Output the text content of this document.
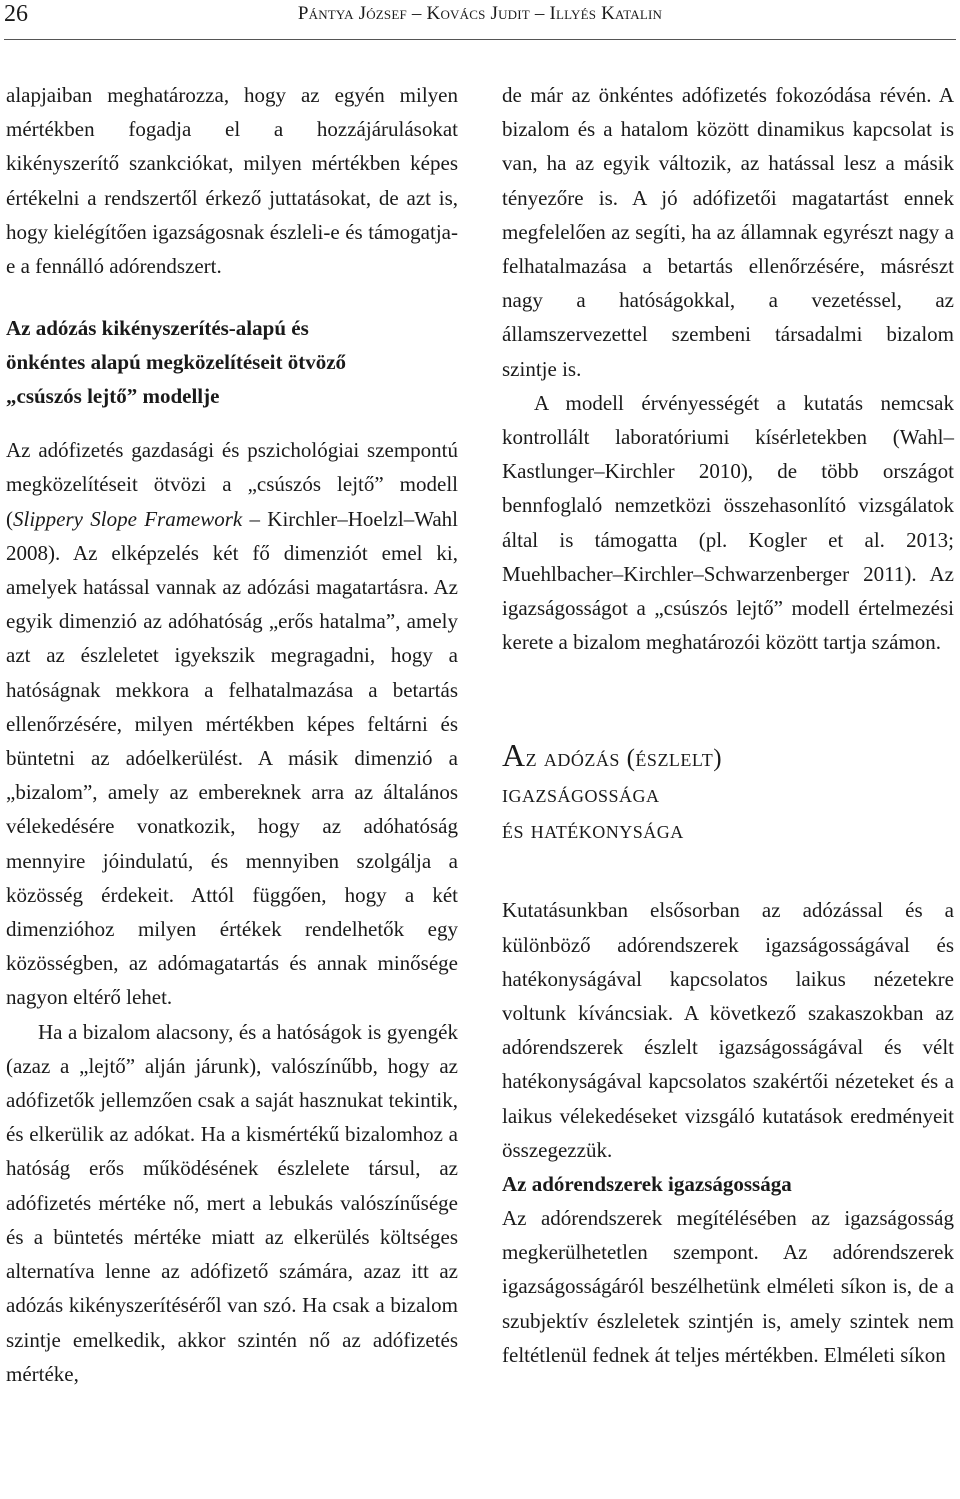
26	Pántya József – Kovács Judit – Illyés Katalin

alapjaiban meghatározza, hogy az egyén milyen mértékben fogadja el a hozzájárulásokat kikényszerítő szankciókat, milyen mértékben képes értékelni a rendszertől érkező juttatásokat, de azt is, hogy kielégítően igazságosnak észleli-e és támogatja-e a fennálló adórendszert.

Az adózás kikényszerítés-alapú és

önkéntes alapú megközelítéseit ötvöző

„csúszós lejtő” modellje

Az adófizetés gazdasági és pszichológiai szempontú megközelítéseit ötvözi a „csúszós lejtő” modell (Slippery Slope Framework – Kirchler–Hoelzl–Wahl 2008). Az elképzelés két fő dimenziót emel ki, amelyek hatással vannak az adózási magatartásra. Az egyik dimenzió az adóhatóság „erős hatalma”, amely azt az észleletet igyekszik megragadni, hogy a hatóságnak mekkora a felhatalmazása a betartás ellenőrzésére, milyen mértékben képes feltárni és büntetni az adóelkerülést. A másik dimenzió a „bizalom”, amely az embereknek arra az általános vélekedésére vonatkozik, hogy az adóhatóság mennyire jóindulatú, és mennyiben szolgálja a közösség érdekeit. Attól függően, hogy a két dimenzióhoz milyen értékek rendelhetők egy közösségben, az adómagatartás és annak minősége nagyon eltérő lehet.

Ha a bizalom alacsony, és a hatóságok is gyengék (azaz a „lejtő” alján járunk), valószínűbb, hogy az adófizetők jellemzően csak a saját hasznukat tekintik, és elkerülik az adókat. Ha a kismértékű bizalomhoz a hatóság erős működésének észlelete társul, az adófizetés mértéke nő, mert a lebukás valószínűsége és a büntetés mértéke miatt az elkerülés költséges alternatíva lenne az adófizető számára, azaz itt az adózás kikényszerítéséről van szó. Ha csak a bizalom szintje emelkedik, akkor szintén nő az adófizetés mértéke,

de már az önkéntes adófizetés fokozódása révén. A bizalom és a hatalom között dinamikus kapcsolat is van, ha az egyik változik, az hatással lesz a másik tényezőre is. A jó adófizetői magatartást ennek megfelelően az segíti, ha az államnak egyrészt nagy a felhatalmazása a betartás ellenőrzésére, másrészt nagy a hatóságokkal, a vezetéssel, az államszervezettel szembeni társadalmi bizalom szintje is.

A modell érvényességét a kutatás nemcsak kontrollált laboratóriumi kísérletekben (Wahl–Kastlunger–Kirchler 2010), de több országot bennfoglaló nemzetközi összehasonlító vizsgálatok által is támogatta (pl. Kogler et al. 2013; Muehlbacher–Kirchler–Schwarzenberger 2011). Az igazságosságot a „csúszós lejtő” modell értelmezési kerete a bizalom meghatározói között tartja számon.

Az adózás (észlelt)

igazságossága

és hatékonysága

Kutatásunkban elsősorban az adózással és a különböző adórendszerek igazságosságával és hatékonyságával kapcsolatos laikus nézetekre voltunk kíváncsiak. A következő szakaszokban az adórendszerek észlelt igazságosságával és vélt hatékonyságával kapcsolatos szakértői nézeteket és a laikus vélekedéseket vizsgáló kutatások eredményeit összegezzük.

Az adórendszerek igazságossága

Az adórendszerek megítélésében az igazságosság megkerülhetetlen szempont. Az adórendszerek igazságosságáról beszélhetünk elméleti síkon is, de a szubjektív észleletek szintjén is, amely szintek nem feltétlenül fednek át teljes mértékben. Elméleti síkon
